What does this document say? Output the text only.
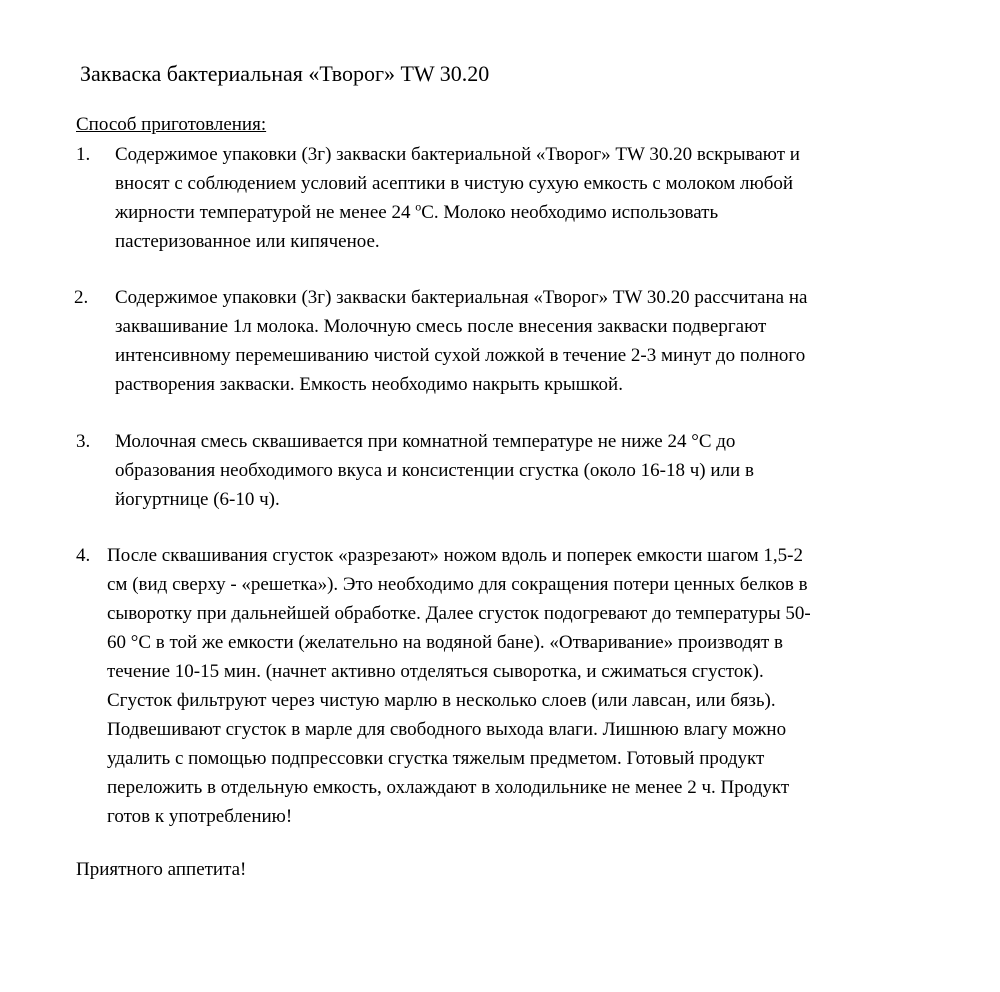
Закваска бактериальная «Творог» TW 30.20
Способ приготовления:
1. Содержимое упаковки (3г) закваски бактериальной «Творог» TW 30.20 вскрывают и
вносят с соблюдением условий асептики в чистую сухую емкость с молоком любой
жирности температурой не менее 24 $^о$С. Молоко необходимо использовать
пастеризованное или кипяченое.
2. Содержимое упаковки (3г) закваски бактериальная «Творог» TW 30.20 рассчитана на
заквашивание 1л молока. Молочную смесь после внесения закваски подвергают
интенсивному перемешиванию чистой сухой ложкой в течение 2-3 минут до полного
растворения закваски. Емкость необходимо накрыть крышкой.
3. Молочная смесь сквашивается при комнатной температуре не ниже 24 °С до
образования необходимого вкуса и консистенции сгустка (около 16-18 ч) или в
йогуртнице (6-10 ч).
4. После сквашивания сгусток «разрезают» ножом вдоль и поперек емкости шагом 1,5-2
см (вид сверху - «решетка»). Это необходимо для сокращения потери ценных белков в
сыворотку при дальнейшей обработке. Далее сгусток подогревают до температуры 50-
60 °С в той же емкости (желательно на водяной бане). «Отваривание» производят в
течение 10-15 мин. (начнет активно отделяться сыворотка, и сжиматься сгусток).
Сгусток фильтруют через чистую марлю в несколько слоев (или лавсан, или бязь).
Подвешивают сгусток в марле для свободного выхода влаги. Лишнюю влагу можно
удалить с помощью подпрессовки сгустка тяжелым предметом. Готовый продукт
переложить в отдельную емкость, охлаждают в холодильнике не менее 2 ч. Продукт
готов к употреблению!
Приятного аппетита!
